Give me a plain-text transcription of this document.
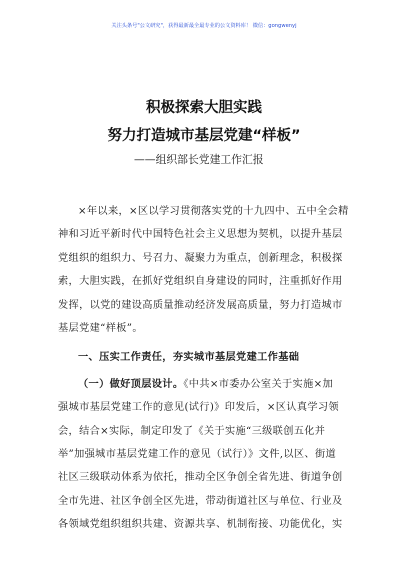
关注头条号"公文研究"，获得最新最全最专业的公文资料库！ 微信：gongwenyj
积极探索大胆实践
努力打造城市基层党建“样板”
——组织部长党建工作汇报
×年以来，×区以学习贯彻落实党的十九四中、五中全会精
神和习近平新时代中国特色社会主义思想为契机，以提升基层
党组织的组织力、号召力、凝聚力为重点，创新理念，积极探
索，大胆实践，在抓好党组织自身建设的同时，注重抓好作用
发挥，以党的建设高质量推动经济发展高质量，努力打造城市
基层党建“样板”。
一、压实工作责任，夯实城市基层党建工作基础
（一）做好顶层设计。《中共×市委办公室关于实施×加
强城市基层党建工作的意见(试行)》印发后，×区认真学习领
会，结合×实际，制定印发了《关于实施“三级联创五化并
举”加强城市基层党建工作的意见（试行）》文件,以区、街道
社区三级联动体系为依托，推动全区争创全省先进、街道争创
全市先进、社区争创全区先进，带动街道社区与单位、行业及
各领域党组织组织共建、资源共享、机制衔接、功能优化，实
